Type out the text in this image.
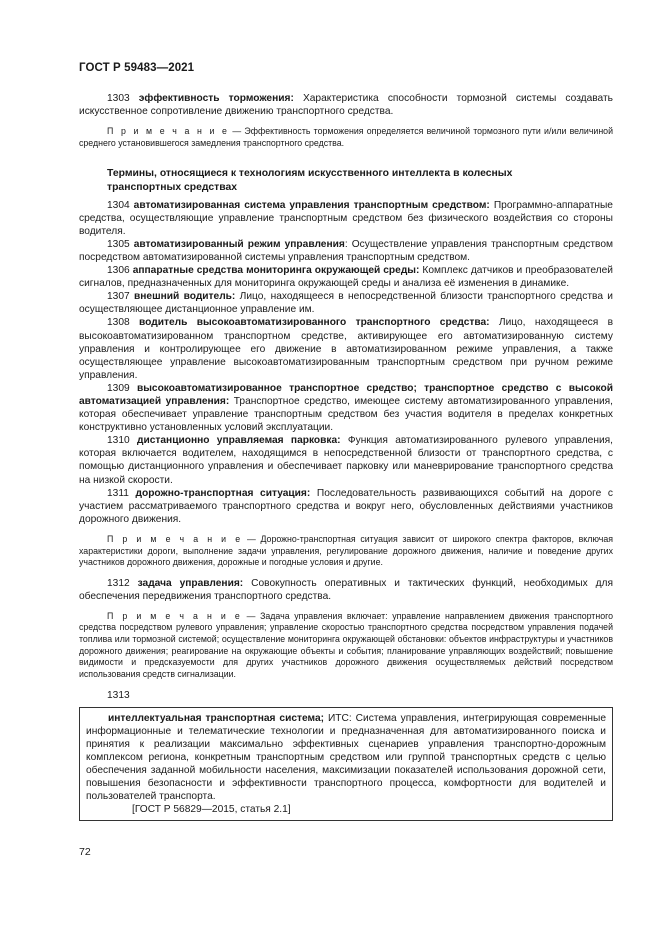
ГОСТ Р 59483—2021

1303 эффективность торможения: Характеристика способности тормозной системы создавать искусственное сопротивление движению транспортного средства.

П р и м е ч а н и е — Эффективность торможения определяется величиной тормозного пути и/или величиной среднего установившегося замедления транспортного средства.

Термины, относящиеся к технологиям искусственного интеллекта в колесных транспортных средствах

1304 автоматизированная система управления транспортным средством: Программно-аппаратные средства, осуществляющие управление транспортным средством без физического воздействия со стороны водителя.

1305 автоматизированный режим управления: Осуществление управления транспортным средством посредством автоматизированной системы управления транспортным средством.

1306 аппаратные средства мониторинга окружающей среды: Комплекс датчиков и преобразователей сигналов, предназначенных для мониторинга окружающей среды и анализа её изменения в динамике.

1307 внешний водитель: Лицо, находящееся в непосредственной близости транспортного средства и осуществляющее дистанционное управление им.

1308 водитель высокоавтоматизированного транспортного средства: Лицо, находящееся в высокоавтоматизированном транспортном средстве, активирующее его автоматизированную систему управления и контролирующее его движение в автоматизированном режиме управления, а также осуществляющее управление высокоавтоматизированным транспортным средством при ручном режиме управления.

1309 высокоавтоматизированное транспортное средство; транспортное средство с высокой автоматизацией управления: Транспортное средство, имеющее систему автоматизированного управления, которая обеспечивает управление транспортным средством без участия водителя в пределах конкретных конструктивно установленных условий эксплуатации.

1310 дистанционно управляемая парковка: Функция автоматизированного рулевого управления, которая включается водителем, находящимся в непосредственной близости от транспортного средства, с помощью дистанционного управления и обеспечивает парковку или маневрирование транспортного средства на низкой скорости.

1311 дорожно-транспортная ситуация: Последовательность развивающихся событий на дороге с участием рассматриваемого транспортного средства и вокруг него, обусловленных действиями участников дорожного движения.

П р и м е ч а н и е — Дорожно-транспортная ситуация зависит от широкого спектра факторов, включая характеристики дороги, выполнение задачи управления, регулирование дорожного движения, наличие и поведение других участников дорожного движения, дорожные и погодные условия и другие.

1312 задача управления: Совокупность оперативных и тактических функций, необходимых для обеспечения передвижения транспортного средства.

П р и м е ч а н и е — Задача управления включает: управление направлением движения транспортного средства посредством рулевого управления; управление скоростью транспортного средства посредством управления подачей топлива или тормозной системой; осуществление мониторинга окружающей обстановки: объектов инфраструктуры и участников дорожного движения; реагирование на окружающие объекты и события; планирование управляющих воздействий; повышение видимости и предсказуемости для других участников дорожного движения осуществляемых действий посредством использования средств сигнализации.

1313

интеллектуальная транспортная система; ИТС: Система управления, интегрирующая современные информационные и телематические технологии и предназначенная для автоматизированного поиска и принятия к реализации максимально эффективных сценариев управления транспортно-дорожным комплексом региона, конкретным транспортным средством или группой транспортных средств с целью обеспечения заданной мобильности населения, максимизации показателей использования дорожной сети, повышения безопасности и эффективности транспортного процесса, комфортности для водителей и пользователей транспорта.

[ГОСТ Р 56829—2015, статья 2.1]

72
